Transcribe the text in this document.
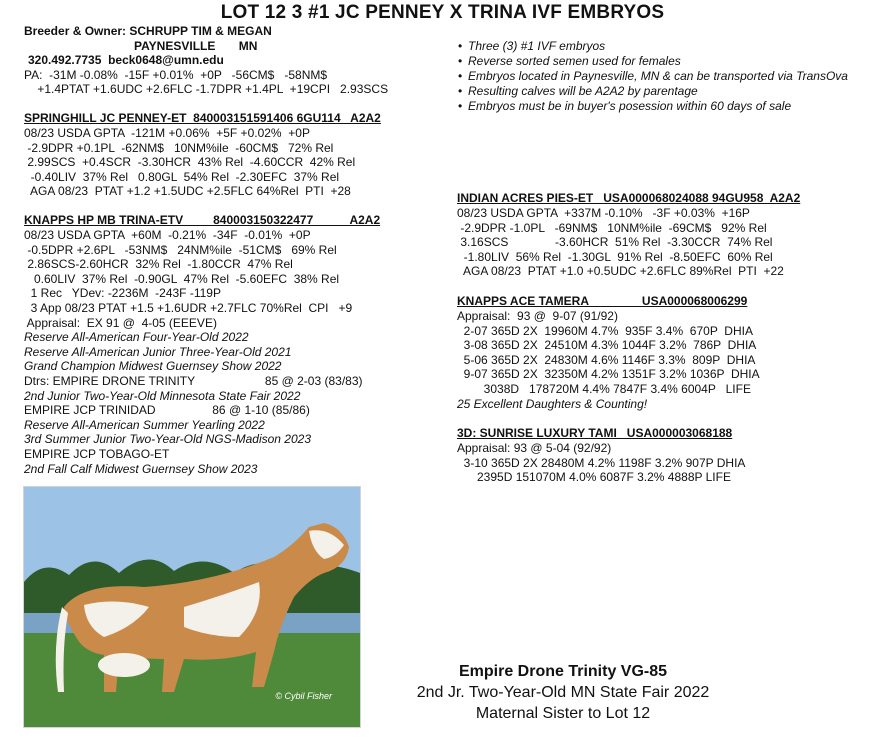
LOT 12 3 #1 JC PENNEY X TRINA IVF EMBRYOS
Breeder & Owner: SCHRUPP TIM & MEGAN
PAYNESVILLE       MN
320.492.7735  beck0648@umn.edu
PA:  -31M -0.08%  -15F +0.01%  +0P   -56CM$   -58NM$
+1.4PTAT +1.6UDC +2.6FLC -1.7DPR +1.4PL  +19CPI   2.93SCS
• Three (3) #1 IVF embryos
• Reverse sorted semen used for females
• Embryos located in Paynesville, MN & can be transported via TransOva
• Resulting calves will be A2A2 by parentage
• Embryos must be in buyer's posession within 60 days of sale
SPRINGHILL JC PENNEY-ET  840003151591406 6GU114   A2A2
08/23 USDA GPTA  -121M +0.06%  +5F +0.02%  +0P
-2.9DPR +0.1PL  -62NM$   10NM%ile  -60CM$   72% Rel
2.99SCS  +0.4SCR  -3.30HCR  43% Rel  -4.60CCR  42% Rel
-0.40LIV  37% Rel   0.80GL  54% Rel  -2.30EFC  37% Rel
AGA 08/23  PTAT +1.2 +1.5UDC +2.5FLC 64%Rel  PTI  +28
KNAPPS HP MB TRINA-ETV         840003150322477           A2A2
08/23 USDA GPTA  +60M  -0.21%  -34F  -0.01%  +0P
-0.5DPR +2.6PL   -53NM$   24NM%ile  -51CM$   69% Rel
2.86SCS-2.60HCR  32% Rel  -1.80CCR  47% Rel
0.60LIV  37% Rel  -0.90GL  47% Rel  -5.60EFC  38% Rel
1 Rec   YDev: -2236M  -243F -119P
3 App 08/23 PTAT +1.5 +1.6UDR +2.7FLC 70%Rel  CPI   +9
Appraisal:  EX 91 @  4-05 (EEEVE)
Reserve All-American Four-Year-Old 2022
Reserve All-American Junior Three-Year-Old 2021
Grand Champion Midwest Guernsey Show 2022
Dtrs: EMPIRE DRONE TRINITY                     85 @ 2-03 (83/83)
2nd Junior Two-Year-Old Minnesota State Fair 2022
EMPIRE JCP TRINIDAD                 86 @ 1-10 (85/86)
Reserve All-American Summer Yearling 2022
3rd Summer Junior Two-Year-Old NGS-Madison 2023
EMPIRE JCP TOBAGO-ET
2nd Fall Calf Midwest Guernsey Show 2023
INDIAN ACRES PIES-ET   USA000068024088 94GU958  A2A2
08/23 USDA GPTA  +337M -0.10%   -3F +0.03%  +16P
-2.9DPR -1.0PL   -69NM$   10NM%ile  -69CM$   92% Rel
3.16SCS              -3.60HCR  51% Rel  -3.30CCR  74% Rel
-1.80LIV  56% Rel  -1.30GL  91% Rel  -8.50EFC  60% Rel
AGA 08/23  PTAT +1.0 +0.5UDC +2.6FLC 89%Rel  PTI  +22
KNAPPS ACE TAMERA                USA000068006299
Appraisal:  93 @  9-07 (91/92)
2-07 365D 2X  19960M 4.7%  935F 3.4%  670P  DHIA
3-08 365D 2X  24510M 4.3% 1044F 3.2%  786P  DHIA
5-06 365D 2X  24830M 4.6% 1146F 3.3%  809P  DHIA
9-07 365D 2X  32350M 4.2% 1351F 3.2% 1036P  DHIA
3038D   178720M 4.4% 7847F 3.4% 6004P   LIFE
25 Excellent Daughters & Counting!
3D: SUNRISE LUXURY TAMI   USA000003068188
Appraisal: 93 @ 5-04 (92/92)
3-10 365D 2X 28480M 4.2% 1198F 3.2% 907P DHIA
2395D 151070M 4.0% 6087F 3.2% 4888P LIFE
© Cybil Fisher
Empire Drone Trinity VG-85
2nd Jr. Two-Year-Old MN State Fair 2022
Maternal Sister to Lot 12
